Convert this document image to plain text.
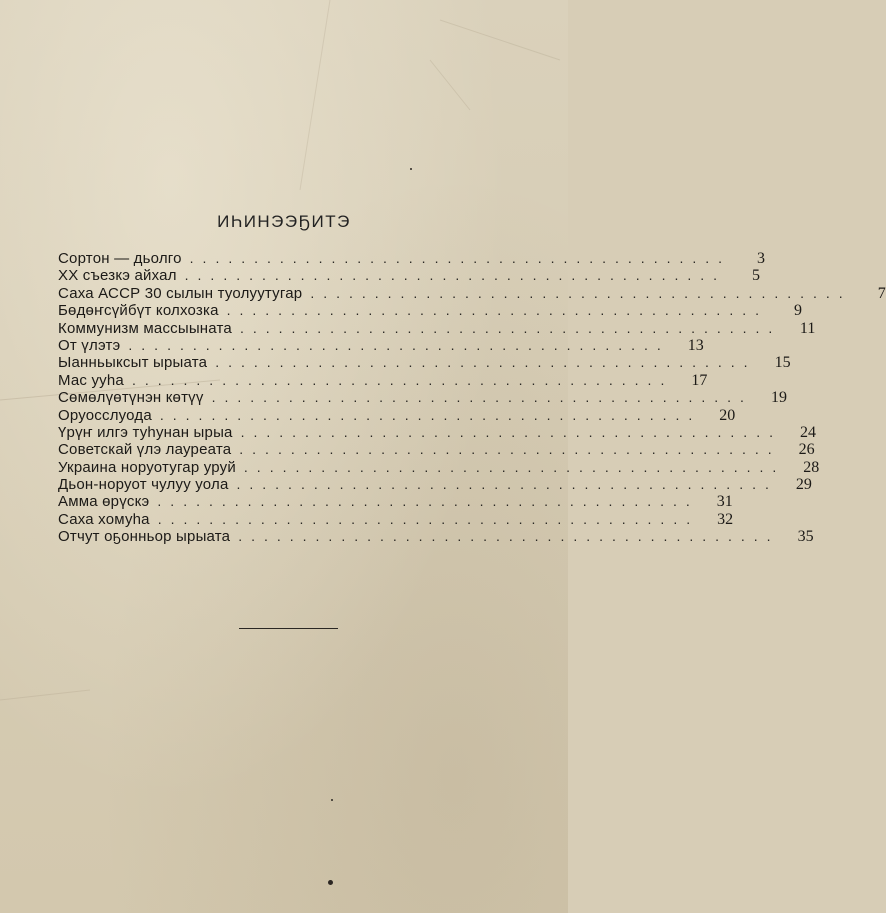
ИҺИНЭЭҔИТЭ
Сортон — дьолго ..........................................	3
ХХ съезкэ айхал ..........................................	5
Саха АССР 30 сылын туолуутугар ..........................................	7
Бөдөҥсүйбүт колхозка ..........................................	9
Коммунизм массыыната ..........................................	11
От үлэтэ ..........................................	13
Ыанньыксыт ырыата ..........................................	15
Мас ууһа ..........................................	17
Сөмөлүөтүнэн көтүү ..........................................	19
Оруосслуода ..........................................	20
Үрүҥ илгэ туһунан ырыа ..........................................	24
Советскай үлэ лауреата ..........................................	26
Украина норуотугар уруй ..........................................	28
Дьон-норуот чулуу уола ..........................................	29
Амма өрүскэ ..........................................	31
Саха хомуһа ..........................................	32
Отчут оҕонньор ырыата ..........................................	35
